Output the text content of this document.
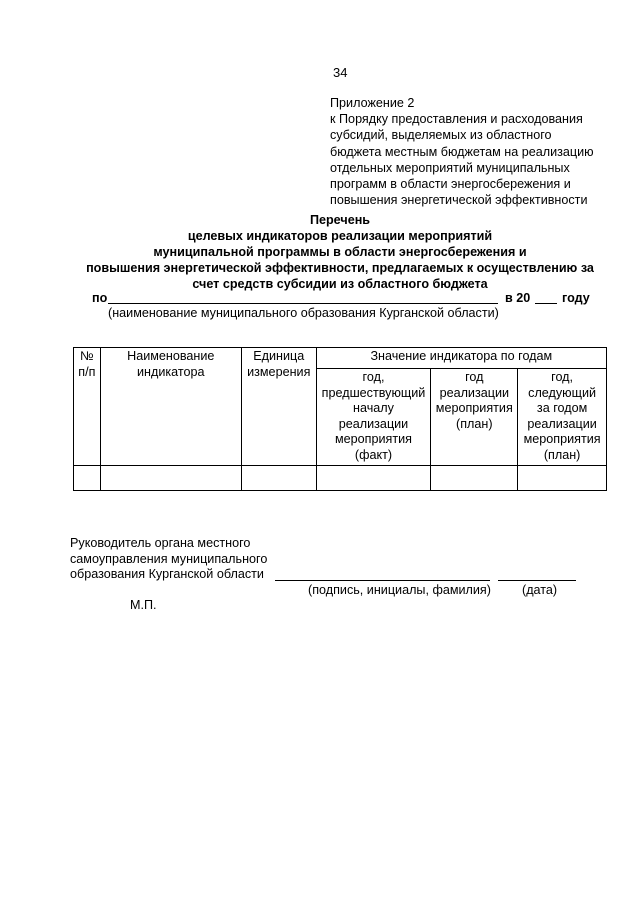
34
Приложение 2
к Порядку предоставления и расходования
субсидий, выделяемых из областного
бюджета местным бюджетам на реализацию
отдельных мероприятий муниципальных
программ в области энергосбережения и
повышения энергетической эффективности
Перечень
целевых индикаторов реализации мероприятий
муниципальной программы в области энергосбережения и
повышения энергетической эффективности, предлагаемых к осуществлению за
счет средств субсидии из областного бюджета
по	в 20	году
(наименование муниципального образования Курганской области)
№ п/п	Наименование индикатора	Единица измерения	Значение индикатора по годам		
			год, предшествующий началу реализации мероприятия (факт)	год реализации мероприятия (план)	год, следующий за годом реализации мероприятия (план)

Руководитель органа местного
самоуправления муниципального
образования Курганской области
(подпись, инициалы, фамилия) (дата)
М.П.
